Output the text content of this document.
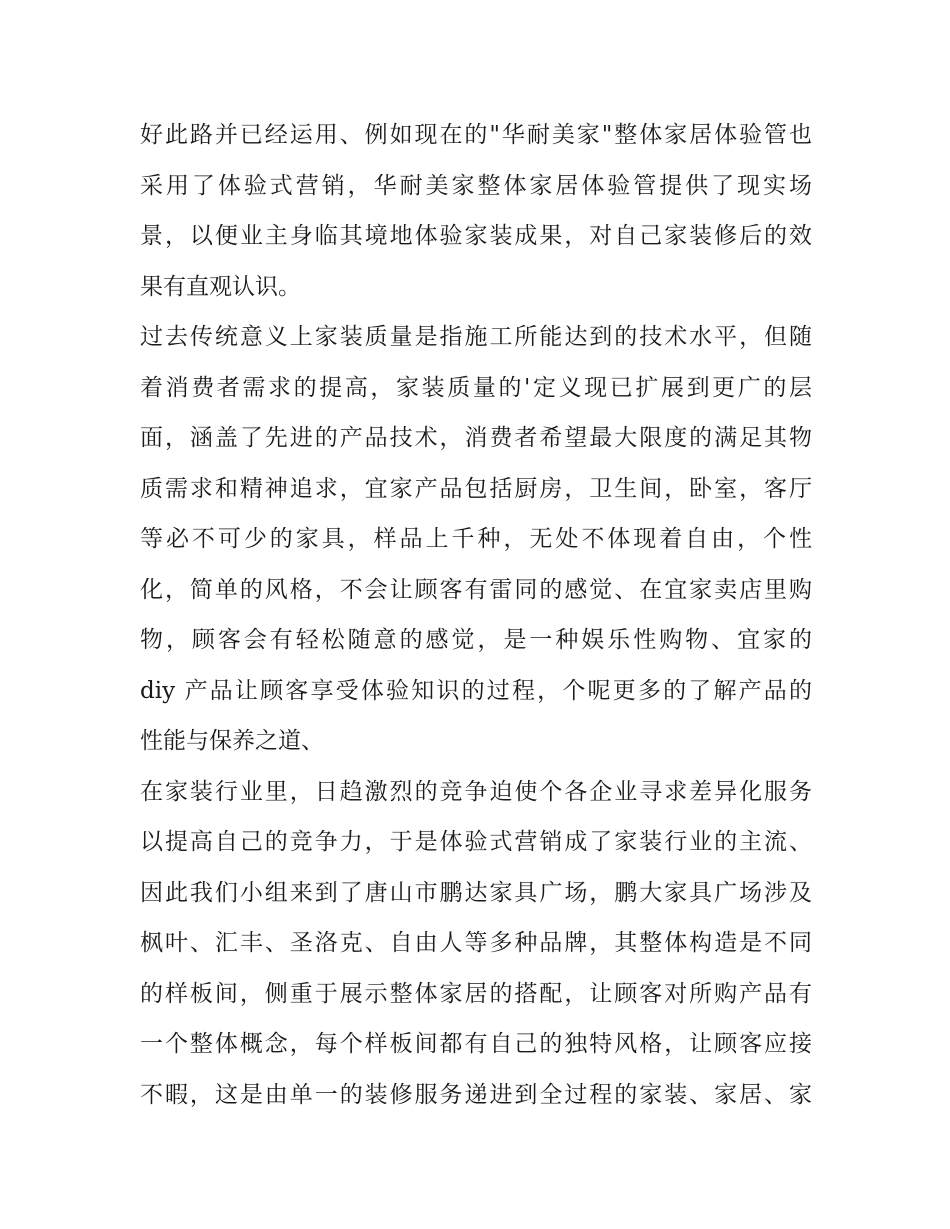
好此路并已经运用、例如现在的"华耐美家"整体家居体验管也
采用了体验式营销，华耐美家整体家居体验管提供了现实场
景，以便业主身临其境地体验家装成果，对自己家装修后的效
果有直观认识。
过去传统意义上家装质量是指施工所能达到的技术水平，但随
着消费者需求的提高，家装质量的'定义现已扩展到更广的层
面，涵盖了先进的产品技术，消费者希望最大限度的满足其物
质需求和精神追求，宜家产品包括厨房，卫生间，卧室，客厅
等必不可少的家具，样品上千种，无处不体现着自由，个性
化，简单的风格，不会让顾客有雷同的感觉、在宜家卖店里购
物，顾客会有轻松随意的感觉，是一种娱乐性购物、宜家的
diy 产品让顾客享受体验知识的过程，个呢更多的了解产品的
性能与保养之道、
在家装行业里，日趋激烈的竞争迫使个各企业寻求差异化服务
以提高自己的竞争力，于是体验式营销成了家装行业的主流、
因此我们小组来到了唐山市鹏达家具广场，鹏大家具广场涉及
枫叶、汇丰、圣洛克、自由人等多种品牌，其整体构造是不同
的样板间，侧重于展示整体家居的搭配，让顾客对所购产品有
一个整体概念，每个样板间都有自己的独特风格，让顾客应接
不暇，这是由单一的装修服务递进到全过程的家装、家居、家
